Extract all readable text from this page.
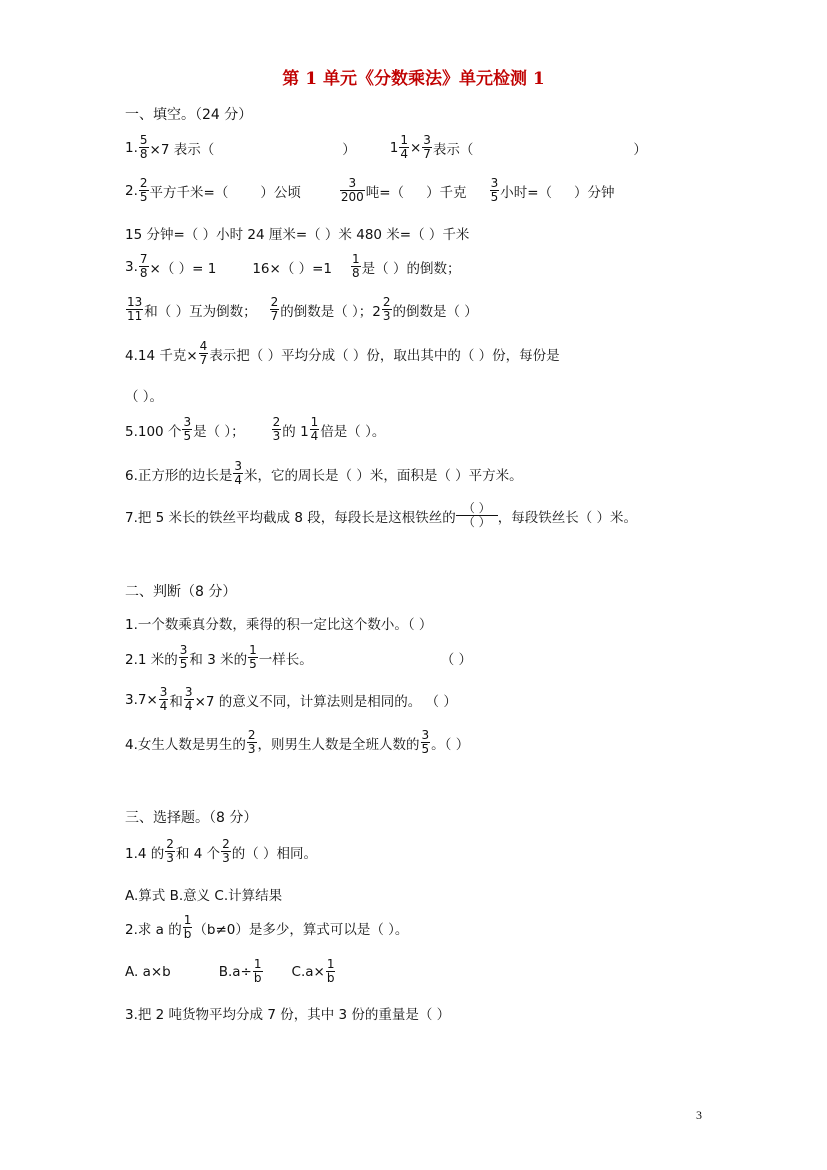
第 1 单元《分数乘法》单元检测 1
一、填空。（24 分）
1. $\frac{5}{8} \times 7$ 表示（	）	$1 \frac{1}{4} \times \frac{3}{7}$ 表示（	）
2. $\frac{2}{5}$ 平方千米=（ ）公顷	$\frac{3}{200}$ 吨=（ ）千克 $\frac{3}{5}$ 小时=（ ）分钟
15 分钟=（ ）小时 24 厘米=（ ）米 480 米=（ ）千米
3. $\frac{7}{8}$ ×（ ）= 1	16×（ ）$=1 \frac{1}{8}$ 是（ ）的倒数；
$\frac{13}{11}$ 和（ ）互为倒数； $\frac{2}{7}$ 的倒数是（ ）；$2 \frac{2}{3}$ 的倒数是（ ）
4.14 千克× $\frac{4}{7}$ 表示把（ ）平均分成（ ）份，取出其中的（ ）份，每份是
（ ）。
5.100 个 $\frac{3}{5}$ 是（ ）； $\frac{2}{3}$ 的 $1 \frac{1}{4}$ 倍是（ ）。
6.正方形的边长是 $\frac{3}{4}$ 米，它的周长是（ ）米，面积是（ ）平方米。
7.把 5 米长的铁丝平均截成 8 段，每段长是这根铁丝的 $\frac{( )}{( )}$ ，每段铁丝长（ ）米。
二、判断（8 分）
1.一个数乘真分数，乘得的积一定比这个数小。（ ）
2.1 米的 $\frac{3}{5}$ 和 3 米的 $\frac{1}{5}$ 一样长。	（ ）
$3.7\times \frac{3}{4}$ 和 $\frac{3}{4} \times 7$ 的意义不同，计算法则是相同的。 （ ）
4.女生人数是男生的 $\frac{2}{3}$ ，则男生人数是全班人数的 $\frac{3}{5}$ 。（ ）
三、选择题。（8 分）
1.4 的 $\frac{2}{3}$ 和 4 个 $\frac{2}{3}$ 的（ ）相同。
A.算式 B.意义 C.计算结果
2.求 a 的 $\frac{1}{b} (b\ne 0)$是多少，算式可以是（ ）。
A. a×b	$B.a\div \frac{1}{b} C.a\times \frac{1}{b}$
3.把 2 吨货物平均分成 7 份，其中 3 份的重量是（ ）
3
